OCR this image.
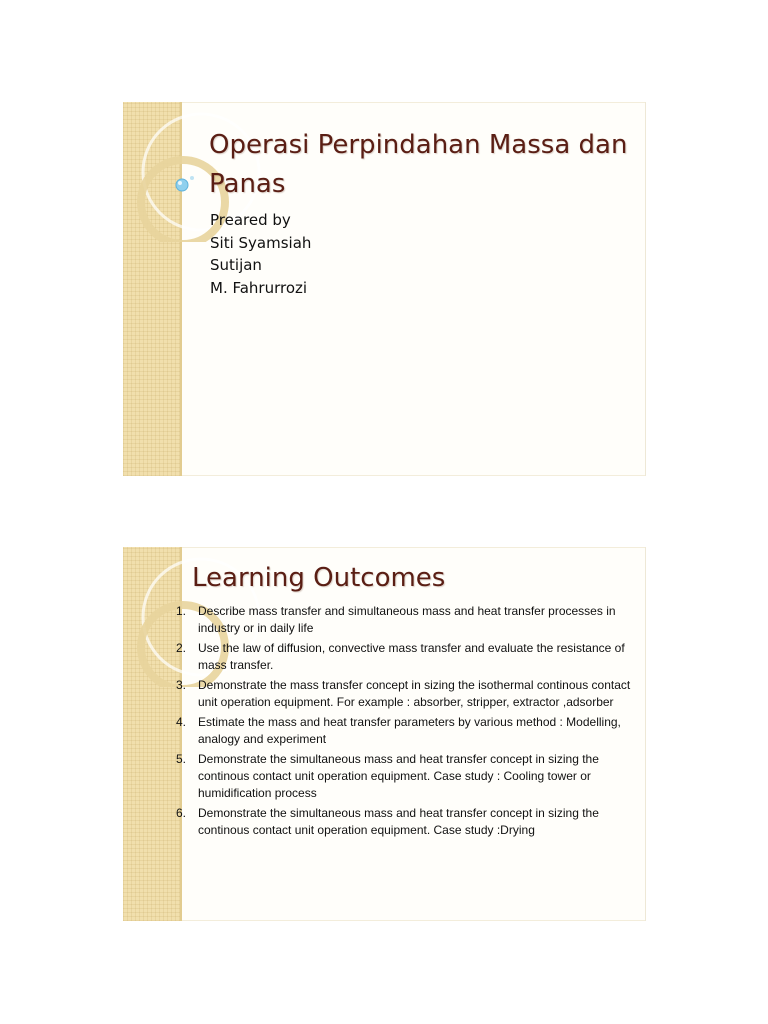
Operasi Perpindahan Massa dan Panas
Preared by
Siti Syamsiah
Sutijan
M. Fahrurrozi
Learning Outcomes
1. Describe mass transfer and simultaneous mass and heat transfer processes in industry or in daily life
2. Use the law of diffusion, convective mass transfer and evaluate the resistance of mass transfer.
3. Demonstrate the mass transfer concept in sizing the isothermal continous contact unit operation equipment. For example : absorber, stripper, extractor ,adsorber
4. Estimate the mass and heat transfer parameters by various method : Modelling, analogy and experiment
5. Demonstrate the simultaneous mass and heat transfer concept in sizing the continous contact unit operation equipment. Case study : Cooling tower or humidification process
6. Demonstrate the simultaneous mass and heat transfer concept in sizing the continous contact unit operation equipment. Case study :Drying
